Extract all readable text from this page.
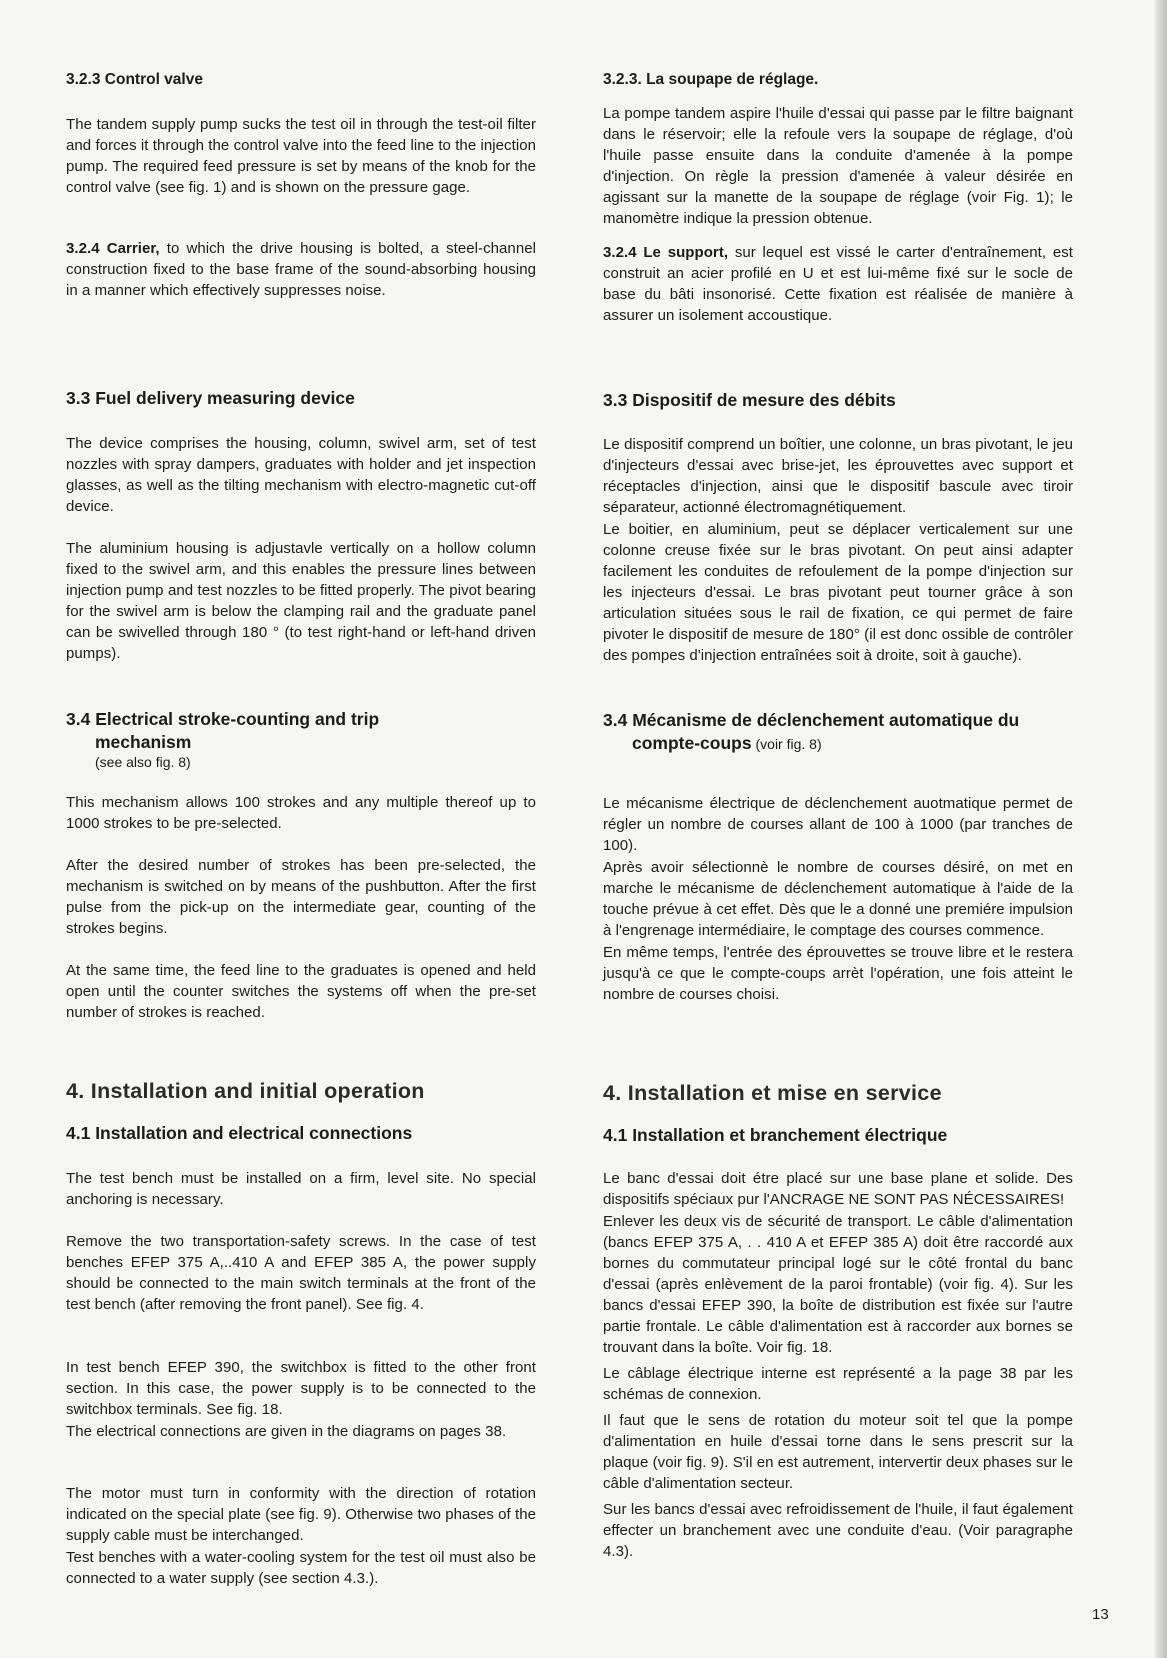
3.2.3 Control valve

The tandem supply pump sucks the test oil in through the test-oil filter and forces it through the control valve into the feed line to the injection pump. The required feed pressure is set by means of the knob for the control valve (see fig. 1) and is shown on the pressure gage.

3.2.4 Carrier, to which the drive housing is bolted, a steel-channel construction fixed to the base frame of the sound-absorbing housing in a manner which effectively suppresses noise.

3.3 Fuel delivery measuring device

The device comprises the housing, column, swivel arm, set of test nozzles with spray dampers, graduates with holder and jet inspection glasses, as well as the tilting mechanism with electro-magnetic cut-off device.

The aluminium housing is adjustavle vertically on a hollow column fixed to the swivel arm, and this enables the pressure lines between injection pump and test nozzles to be fitted properly. The pivot bearing for the swivel arm is below the clamping rail and the graduate panel can be swivelled through 180 ° (to test right-hand or left-hand driven pumps).

3.4 Electrical stroke-counting and trip
mechanism
(see also fig. 8)

This mechanism allows 100 strokes and any multiple thereof up to 1000 strokes to be pre-selected.

After the desired number of strokes has been pre-selected, the mechanism is switched on by means of the pushbutton. After the first pulse from the pick-up on the intermediate gear, counting of the strokes begins.

At the same time, the feed line to the graduates is opened and held open until the counter switches the systems off when the pre-set number of strokes is reached.

4. Installation and initial operation
4.1 Installation and electrical connections

The test bench must be installed on a firm, level site. No special anchoring is necessary.

Remove the two transportation-safety screws. In the case of test benches EFEP 375 A,..410 A and EFEP 385 A, the power supply should be connected to the main switch terminals at the front of the test bench (after removing the front panel). See fig. 4.

In test bench EFEP 390, the switchbox is fitted to the other front section. In this case, the power supply is to be connected to the switchbox terminals. See fig. 18.

The electrical connections are given in the diagrams on pages 38.

The motor must turn in conformity with the direction of rotation indicated on the special plate (see fig. 9). Otherwise two phases of the supply cable must be interchanged.

Test benches with a water-cooling system for the test oil must also be connected to a water supply (see section 4.3.).

3.2.3. La soupape de réglage.

La pompe tandem aspire l'huile d'essai qui passe par le filtre baignant dans le réservoir; elle la refoule vers la soupape de réglage, d'où l'huile passe ensuite dans la conduite d'amenée à la pompe d'injection. On règle la pression d'amenée à valeur désirée en agissant sur la manette de la soupape de réglage (voir Fig. 1); le manomètre indique la pression obtenue.

3.2.4 Le support, sur lequel est vissé le carter d'entraînement, est construit an acier profilé en U et est lui-même fixé sur le socle de base du bâti insonorisé. Cette fixation est réalisée de manière à assurer un isolement accoustique.

3.3 Dispositif de mesure des débits

Le dispositif comprend un boîtier, une colonne, un bras pivotant, le jeu d'injecteurs d'essai avec brise-jet, les éprouvettes avec support et réceptacles d'injection, ainsi que le dispositif bascule avec tiroir séparateur, actionné électromagnétiquement.

Le boitier, en aluminium, peut se déplacer verticalement sur une colonne creuse fixée sur le bras pivotant. On peut ainsi adapter facilement les conduites de refoulement de la pompe d'injection sur les injecteurs d'essai. Le bras pivotant peut tourner grâce à son articulation situées sous le rail de fixation, ce qui permet de faire pivoter le dispositif de mesure de 180° (il est donc ossible de contrôler des pompes d'injection entraînées soit à droite, soit à gauche).

3.4 Mécanisme de déclenchement automatique du
compte-coups (voir fig. 8)

Le mécanisme électrique de déclenchement auotmatique permet de régler un nombre de courses allant de 100 à 1000 (par tranches de 100).

Après avoir sélectionnè le nombre de courses désiré, on met en marche le mécanisme de déclenchement automatique à l'aide de la touche prévue à cet effet. Dès que le a donné une premiére impulsion à l'engrenage intermédiaire, le comptage des courses commence.

En même temps, l'entrée des éprouvettes se trouve libre et le restera jusqu'à ce que le compte-coups arrèt l'opération, une fois atteint le nombre de courses choisi.

4. Installation et mise en service
4.1 Installation et branchement électrique

Le banc d'essai doit étre placé sur une base plane et solide. Des dispositifs spéciaux pur l'ANCRAGE NE SONT PAS NÉCESSAIRES!

Enlever les deux vis de sécurité de transport. Le câble d'alimentation (bancs EFEP 375 A, . . 410 A et EFEP 385 A) doit être raccordé aux bornes du commutateur principal logé sur le côté frontal du banc d'essai (après enlèvement de la paroi frontable) (voir fig. 4). Sur les bancs d'essai EFEP 390, la boîte de distribution est fixée sur l'autre partie frontale. Le câble d'alimentation est à raccorder aux bornes se trouvant dans la boîte. Voir fig. 18.

Le câblage électrique interne est représenté a la page 38 par les schémas de connexion.

Il faut que le sens de rotation du moteur soit tel que la pompe d'alimentation en huile d'essai torne dans le sens prescrit sur la plaque (voir fig. 9). S'il en est autrement, intervertir deux phases sur le câble d'alimentation secteur.

Sur les bancs d'essai avec refroidissement de l'huile, il faut également effecter un branchement avec une conduite d'eau. (Voir paragraphe 4.3).

13
